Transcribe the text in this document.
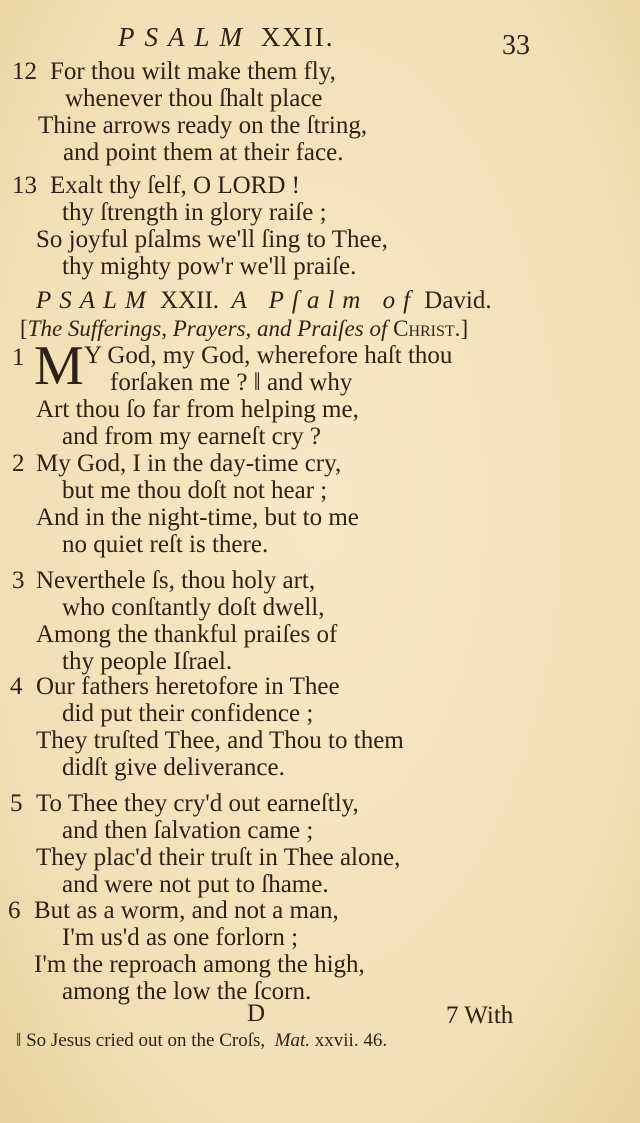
PSALM XXII.	33
12 For thou wilt make them fly,
whenever thou ſhalt place
Thine arrows ready on the ſtring,
and point them at their face.
13 Exalt thy ſelf, O LORD !
thy ſtrength in glory raiſe ;
So joyful pſalms we'll ſing to Thee,
thy mighty pow'r we'll praiſe.
PSALM XXII. A Pſalm of David.
[The Sufferings, Prayers, and Praiſes of Christ.]
1 M Y God, my God, wherefore haſt thou
forſaken me ? ‖ and why
Art thou ſo far from helping me,
and from my earneſt cry ?
2 My God, I in the day-time cry,
but me thou doſt not hear ;
And in the night-time, but to me
no quiet reſt is there.
3 Neverthele ſs, thou holy art,
who conſtantly doſt dwell,
Among the thankful praiſes of
thy people Iſrael.
4 Our fathers heretofore in Thee
did put their confidence ;
They truſted Thee, and Thou to them
didſt give deliverance.
5 To Thee they cry'd out earneſtly,
and then ſalvation came ;
They plac'd their truſt in Thee alone,
and were not put to ſhame.
6 But as a worm, and not a man,
I'm us'd as one forlorn ;
I'm the reproach among the high,
among the low the ſcorn.
D	7 With
‖ So Jesus cried out on the Croſs, Mat. xxvii. 46.
